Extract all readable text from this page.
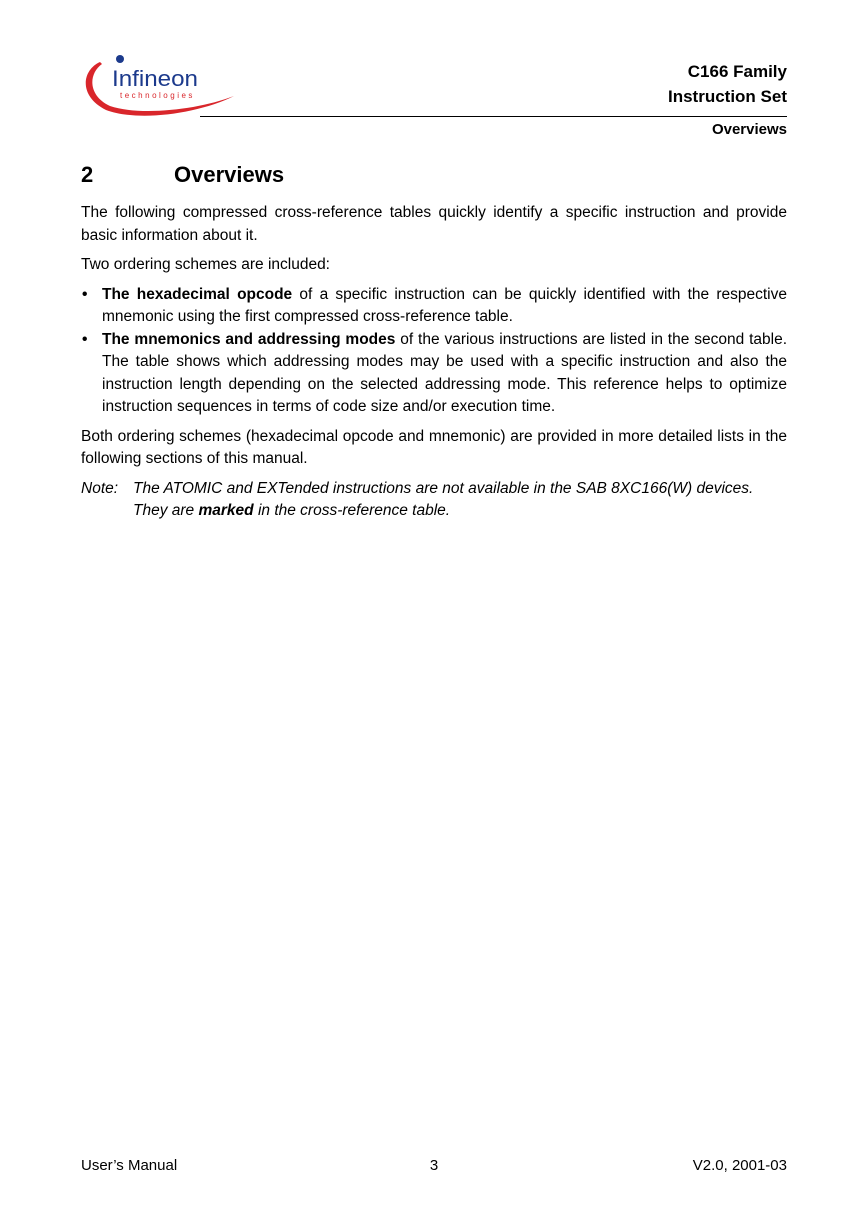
Infineon
technologies
C166 Family
Instruction Set
Overviews
2	Overviews

The following compressed cross-reference tables quickly identify a specific instruction and provide basic information about it.

Two ordering schemes are included:

• The hexadecimal opcode of a specific instruction can be quickly identified with the respective mnemonic using the first compressed cross-reference table.
• The mnemonics and addressing modes of the various instructions are listed in the second table. The table shows which addressing modes may be used with a specific instruction and also the instruction length depending on the selected addressing mode. This reference helps to optimize instruction sequences in terms of code size and/or execution time.

Both ordering schemes (hexadecimal opcode and mnemonic) are provided in more detailed lists in the following sections of this manual.

Note: The ATOMIC and EXTended instructions are not available in the SAB 8XC166(W) devices.
They are marked in the cross-reference table.
User’s Manual	3	V2.0, 2001-03
